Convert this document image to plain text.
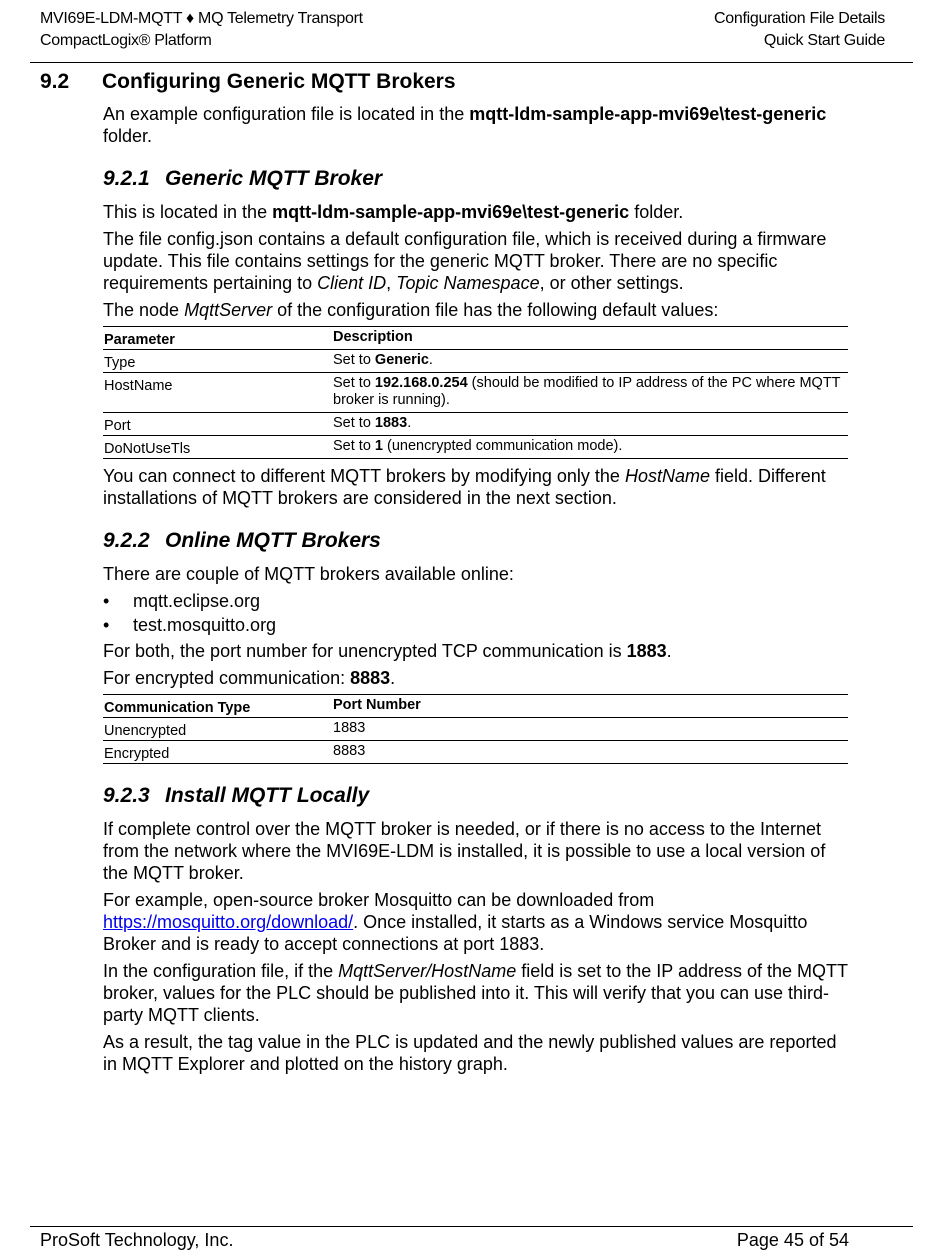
MVI69E-LDM-MQTT ♦ MQ Telemetry Transport
CompactLogix® Platform
Configuration File Details
Quick Start Guide
9.2 Configuring Generic MQTT Brokers

An example configuration file is located in the mqtt-ldm-sample-app-mvi69e\test-generic folder.

9.2.1 Generic MQTT Broker

This is located in the mqtt-ldm-sample-app-mvi69e\test-generic folder.

The file config.json contains a default configuration file, which is received during a firmware update. This file contains settings for the generic MQTT broker. There are no specific requirements pertaining to Client ID, Topic Namespace, or other settings.

The node MqttServer of the configuration file has the following default values:

Parameter	Description
Type	Set to Generic.
HostName	Set to 192.168.0.254 (should be modified to IP address of the PC where MQTT broker is running).
Port	Set to 1883.
DoNotUseTls	Set to 1 (unencrypted communication mode).

You can connect to different MQTT brokers by modifying only the HostName field. Different installations of MQTT brokers are considered in the next section.

9.2.2 Online MQTT Brokers

There are couple of MQTT brokers available online:

• mqtt.eclipse.org
• test.mosquitto.org

For both, the port number for unencrypted TCP communication is 1883.

For encrypted communication: 8883.

Communication Type	Port Number
Unencrypted	1883
Encrypted	8883
9.2.3 Install MQTT Locally

If complete control over the MQTT broker is needed, or if there is no access to the Internet from the network where the MVI69E-LDM is installed, it is possible to use a local version of the MQTT broker.

For example, open-source broker Mosquitto can be downloaded from https://mosquitto.org/download/. Once installed, it starts as a Windows service Mosquitto Broker and is ready to accept connections at port 1883.

In the configuration file, if the MqttServer/HostName field is set to the IP address of the MQTT broker, values for the PLC should be published into it. This will verify that you can use third-party MQTT clients.

As a result, the tag value in the PLC is updated and the newly published values are reported in MQTT Explorer and plotted on the history graph.

ProSoft Technology, Inc.	Page 45 of 54
